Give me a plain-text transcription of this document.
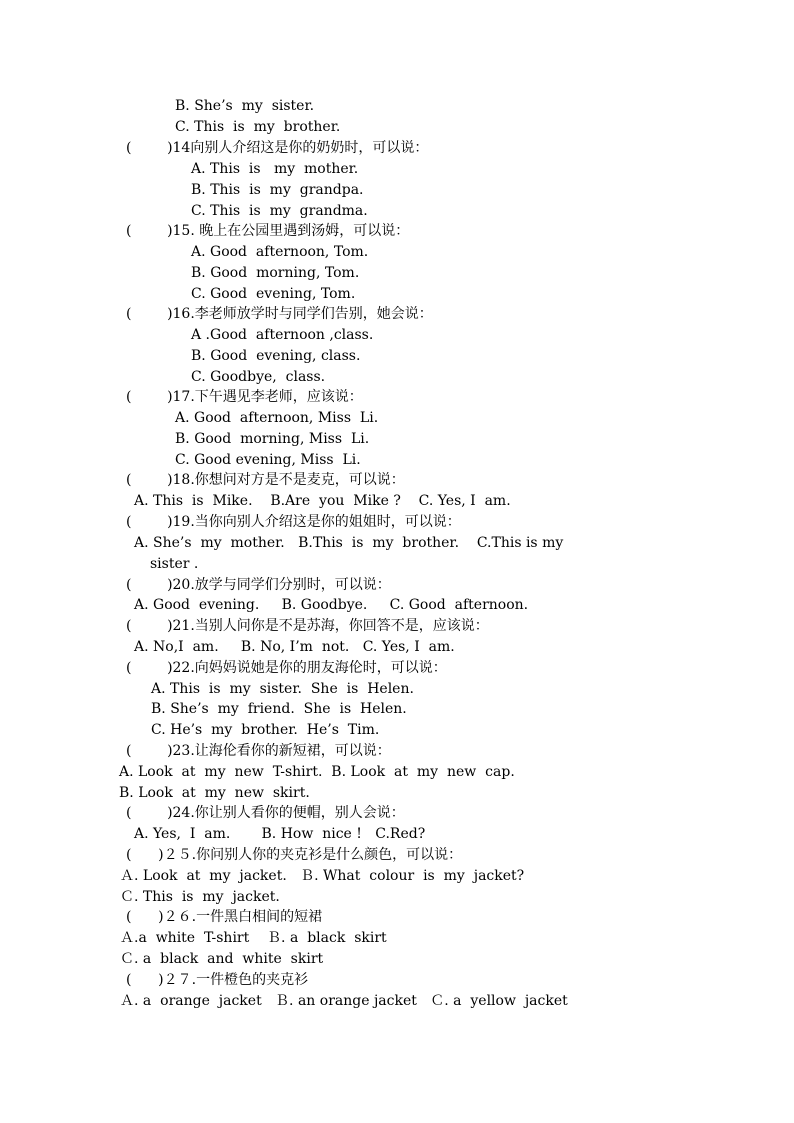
B. She’s  my  sister.
C. This  is  my  brother.
(        )14向别人介绍这是你的奶奶时，可以说：
A. This  is   my  mother.
B. This  is  my  grandpa.
C. This  is  my  grandma.
(        )15. 晚上在公园里遇到汤姆，可以说：
A. Good  afternoon, Tom.
B. Good  morning, Tom.
C. Good  evening, Tom.
(        )16.李老师放学时与同学们告别，她会说：
A .Good  afternoon ,class.
B. Good  evening, class.
C. Goodbye,  class.
(        )17.下午遇见李老师，应该说：
A. Good  afternoon, Miss  Li.
B. Good  morning, Miss  Li.
C. Good evening, Miss  Li.
(        )18.你想问对方是不是麦克，可以说：
A. This  is  Mike.    B.Are  you  Mike ?    C. Yes, I  am.
(        )19.当你向别人介绍这是你的姐姐时，可以说：
A. She’s  my  mother.   B.This  is  my  brother.    C.This is my
sister .
(        )20.放学与同学们分别时，可以说：
A. Good  evening.     B. Goodbye.     C. Good  afternoon.
(        )21.当别人问你是不是苏海，你回答不是，应该说：
A. No,I  am.     B. No, I’m  not.   C. Yes, I  am.
(        )22.向妈妈说她是你的朋友海伦时，可以说：
A. This  is  my  sister.  She  is  Helen.
B. She’s  my  friend.  She  is  Helen.
C. He’s  my  brother.  He’s  Tim.
(        )23.让海伦看你的新短裙，可以说：
A. Look  at  my  new  T-shirt.  B. Look  at  my  new  cap.
B. Look  at  my  new  skirt.
(        )24.你让别人看你的便帽，别人会说：
A. Yes,  I  am.       B. How  nice !   C.Red?
(      )２５.你问别人你的夹克衫是什么颜色，可以说：
Ａ. Look  at  my  jacket.   Ｂ. What  colour  is  my  jacket?
Ｃ. This  is  my  jacket.
(      )２６.一件黑白相间的短裙
Ａ.a  white  T-shirt    Ｂ. a  black  skirt
Ｃ. a  black  and  white  skirt
(      )２７.一件橙色的夹克衫
Ａ. a  orange  jacket   Ｂ. an orange jacket   Ｃ. a  yellow  jacket
